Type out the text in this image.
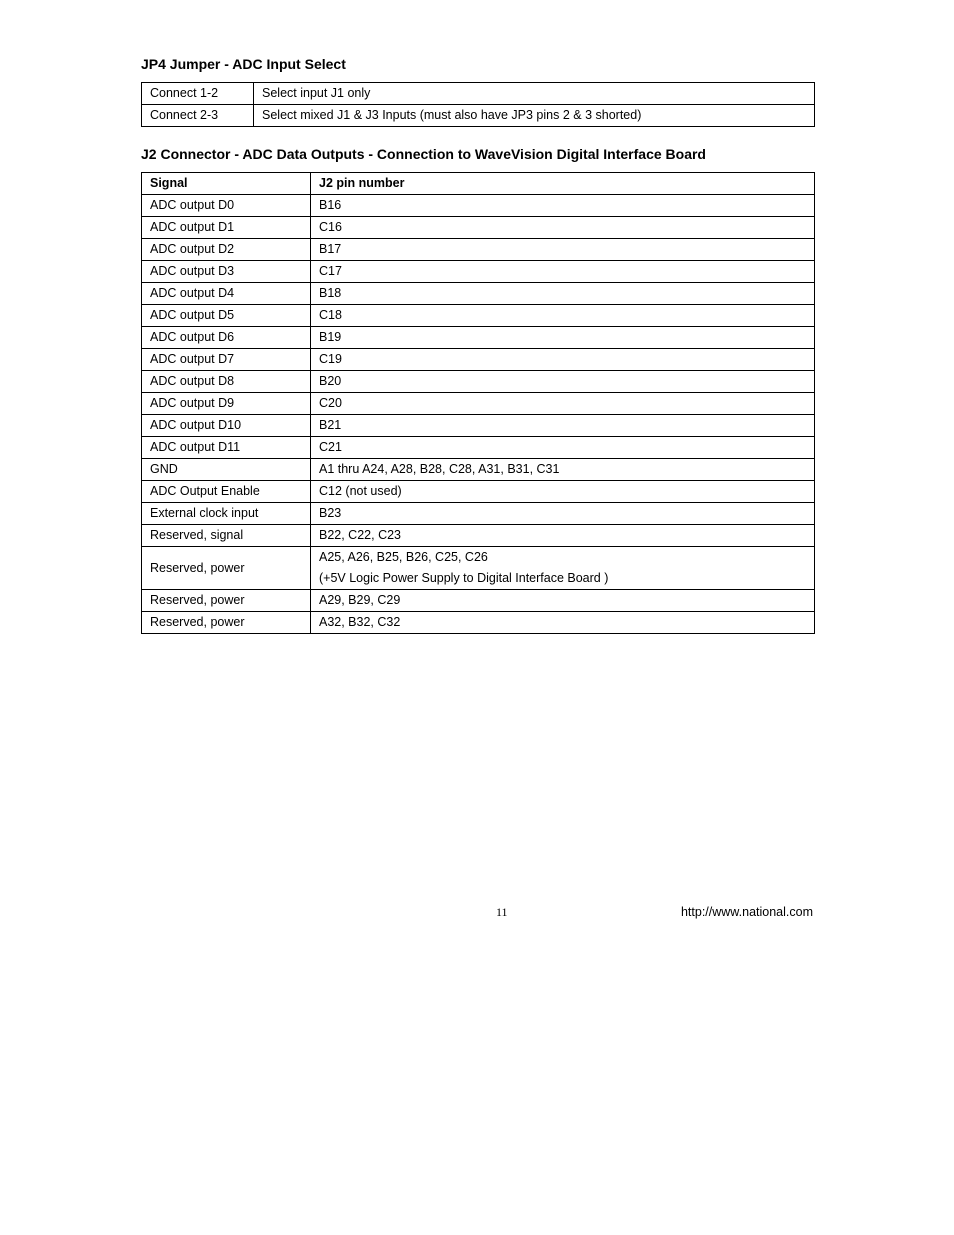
JP4 Jumper - ADC Input Select
Connect 1-2	Select input J1 only
Connect 2-3	Select mixed J1 & J3 Inputs (must also have JP3 pins 2 & 3 shorted)
J2 Connector - ADC Data Outputs - Connection to WaveVision Digital Interface Board
Signal	J2 pin number
ADC output D0	B16
ADC output D1	C16
ADC output D2	B17
ADC output D3	C17
ADC output D4	B18
ADC output D5	C18
ADC output D6	B19
ADC output D7	C19
ADC output D8	B20
ADC output D9	C20
ADC output D10	B21
ADC output D11	C21
GND	A1 thru A24, A28, B28, C28, A31, B31, C31
ADC Output Enable	C12 (not used)
External clock input	B23
Reserved, signal	B22, C22, C23
Reserved, power	A25, A26, B25, B26, C25, C26
(+5V Logic Power Supply to Digital Interface Board )

Reserved, power	A29, B29, C29
Reserved, power	A32, B32, C32
11	http://www.national.com
